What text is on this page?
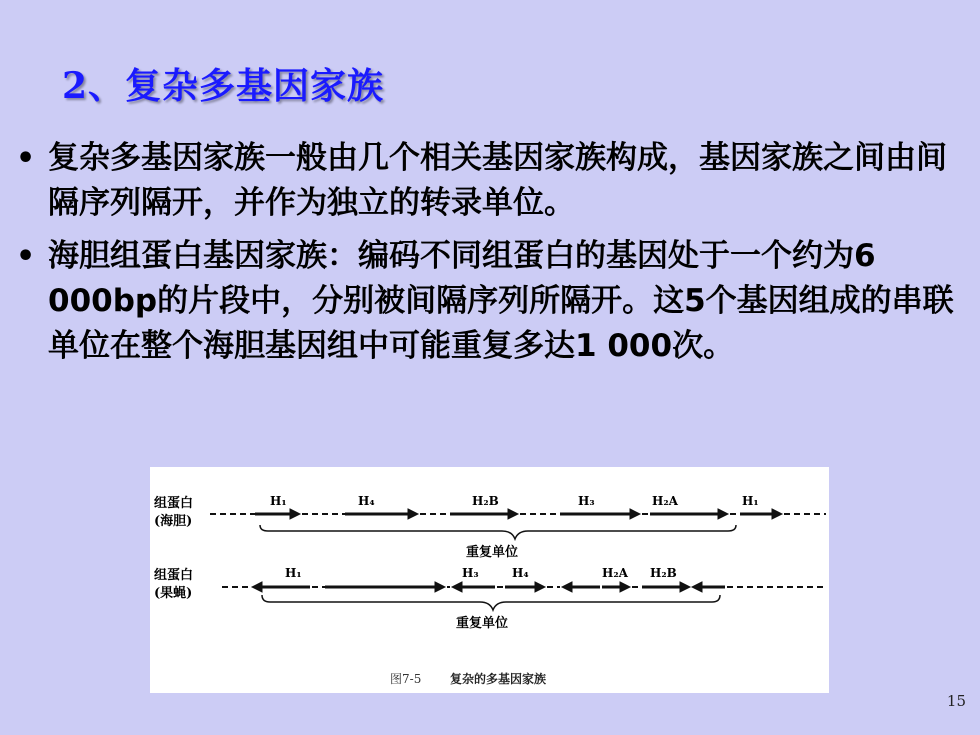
2、复杂多基因家族
• 复杂多基因家族一般由几个相关基因家族构成，基因家族之间由间隔序列隔开，并作为独立的转录单位。
• 海胆组蛋白基因家族：编码不同组蛋白的基因处于一个约为6 000bp的片段中，分别被间隔序列所隔开。这5个基因组成的串联单位在整个海胆基因组中可能重复多达1 000次。
组蛋白
(海胆)
H₁	H₄	H₂B	H₃	H₂A	H₁
重复单位
组蛋白
(果蝇)
H₁	H₃	H₄	H₂A H₂B
重复单位
图7-5 复杂的多基因家族
15
